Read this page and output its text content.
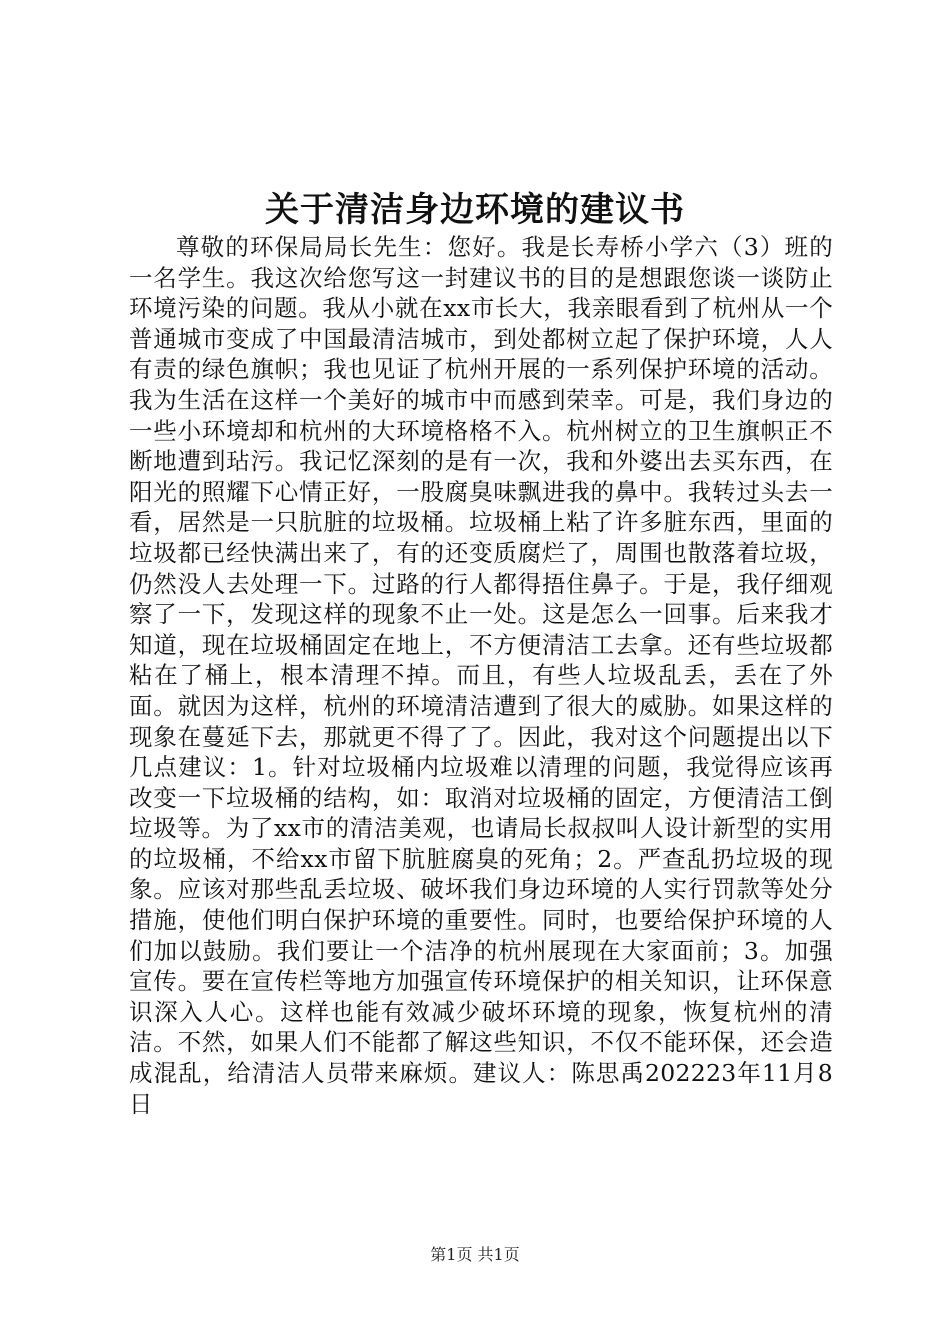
关于清洁身边环境的建议书

尊敬的环保局局长先生：您好。我是长寿桥小学六（3）班的一名学生。我这次给您写这一封建议书的目的是想跟您谈一谈防止环境污染的问题。我从小就在xx市长大，我亲眼看到了杭州从一个普通城市变成了中国最清洁城市，到处都树立起了保护环境，人人有责的绿色旗帜；我也见证了杭州开展的一系列保护环境的活动。我为生活在这样一个美好的城市中而感到荣幸。可是，我们身边的一些小环境却和杭州的大环境格格不入。杭州树立的卫生旗帜正不断地遭到玷污。我记忆深刻的是有一次，我和外婆出去买东西，在阳光的照耀下心情正好，一股腐臭味飘进我的鼻中。我转过头去一看，居然是一只肮脏的垃圾桶。垃圾桶上粘了许多脏东西，里面的垃圾都已经快满出来了，有的还变质腐烂了，周围也散落着垃圾，仍然没人去处理一下。过路的行人都得捂住鼻子。于是，我仔细观察了一下，发现这样的现象不止一处。这是怎么一回事。后来我才知道，现在垃圾桶固定在地上，不方便清洁工去拿。还有些垃圾都粘在了桶上，根本清理不掉。而且，有些人垃圾乱丢，丢在了外面。就因为这样，杭州的环境清洁遭到了很大的威胁。如果这样的现象在蔓延下去，那就更不得了了。因此，我对这个问题提出以下几点建议：1。针对垃圾桶内垃圾难以清理的问题，我觉得应该再改变一下垃圾桶的结构，如：取消对垃圾桶的固定，方便清洁工倒垃圾等。为了xx市的清洁美观，也请局长叔叔叫人设计新型的实用的垃圾桶，不给xx市留下肮脏腐臭的死角；2。严查乱扔垃圾的现象。应该对那些乱丢垃圾、破坏我们身边环境的人实行罚款等处分措施，使他们明白保护环境的重要性。同时，也要给保护环境的人们加以鼓励。我们要让一个洁净的杭州展现在大家面前；3。加强宣传。要在宣传栏等地方加强宣传环境保护的相关知识，让环保意识深入人心。这样也能有效减少破坏环境的现象，恢复杭州的清洁。不然，如果人们不能都了解这些知识，不仅不能环保，还会造成混乱，给清洁人员带来麻烦。建议人：陈思禹202223年11月8日

第1页 共1页
